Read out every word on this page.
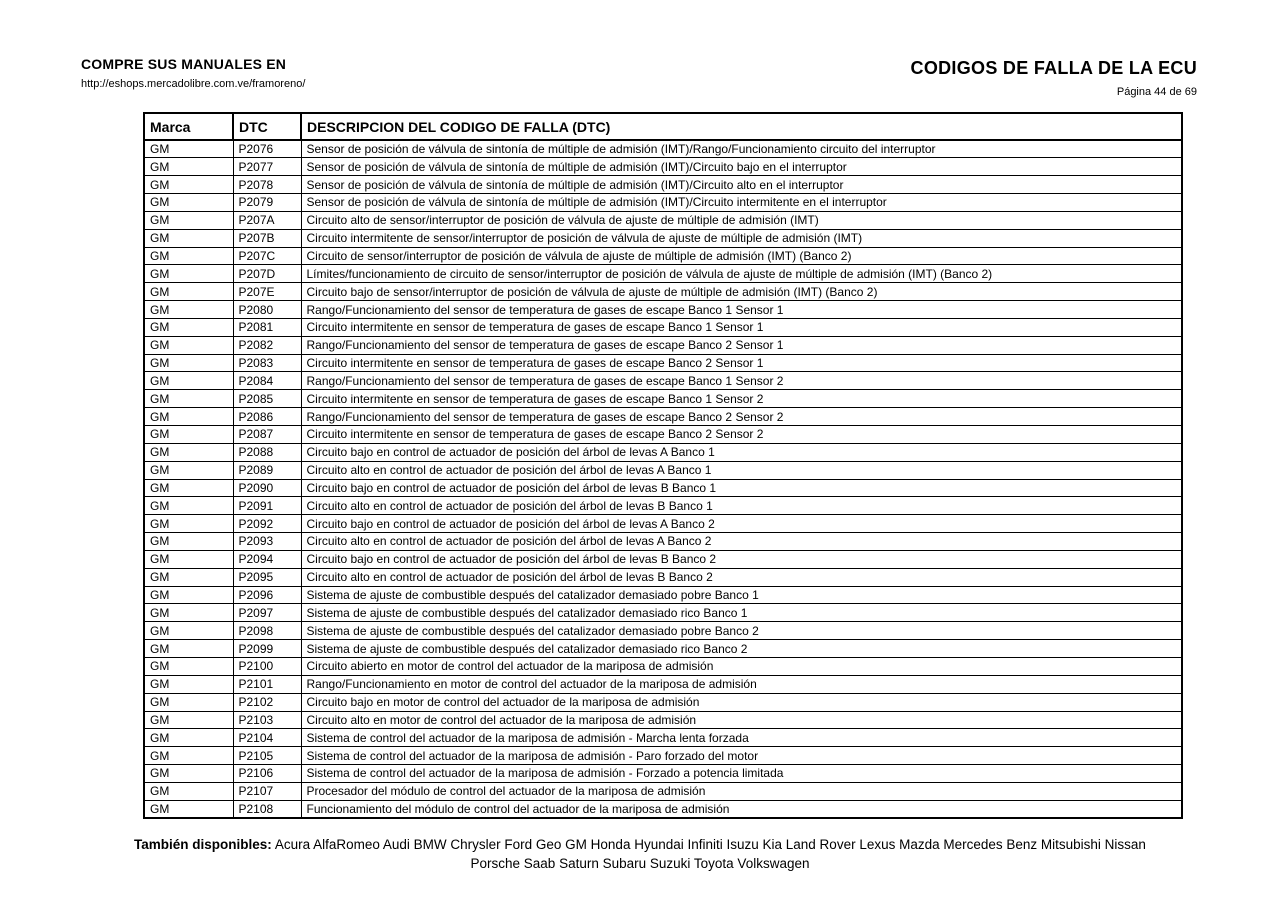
COMPRE SUS MANUALES EN
http://eshops.mercadolibre.com.ve/framoreno/
CODIGOS DE FALLA DE LA ECU
Página 44 de 69
Marca	DTC	DESCRIPCION DEL CODIGO DE FALLA (DTC)
GM	P2076	Sensor de posición de válvula de sintonía de múltiple de admisión (IMT)/Rango/Funcionamiento circuito del interruptor
GM	P2077	Sensor de posición de válvula de sintonía de múltiple de admisión (IMT)/Circuito bajo en el interruptor
GM	P2078	Sensor de posición de válvula de sintonía de múltiple de admisión (IMT)/Circuito alto en el interruptor
GM	P2079	Sensor de posición de válvula de sintonía de múltiple de admisión (IMT)/Circuito intermitente en el interruptor
GM	P207A	Circuito alto de sensor/interruptor de posición de válvula de ajuste de múltiple de admisión (IMT)
GM	P207B	Circuito intermitente de sensor/interruptor de posición de válvula de ajuste de múltiple de admisión (IMT)
GM	P207C	Circuito de sensor/interruptor de posición de válvula de ajuste de múltiple de admisión (IMT) (Banco 2)
GM	P207D	Límites/funcionamiento de circuito de sensor/interruptor de posición de válvula de ajuste de múltiple de admisión (IMT) (Banco 2)
GM	P207E	Circuito bajo de sensor/interruptor de posición de válvula de ajuste de múltiple de admisión (IMT) (Banco 2)
GM	P2080	Rango/Funcionamiento del sensor de temperatura de gases de escape Banco 1 Sensor 1
GM	P2081	Circuito intermitente en sensor de temperatura de gases de escape Banco 1 Sensor 1
GM	P2082	Rango/Funcionamiento del sensor de temperatura de gases de escape Banco 2 Sensor 1
GM	P2083	Circuito intermitente en sensor de temperatura de gases de escape Banco 2 Sensor 1
GM	P2084	Rango/Funcionamiento del sensor de temperatura de gases de escape Banco 1 Sensor 2
GM	P2085	Circuito intermitente en sensor de temperatura de gases de escape Banco 1 Sensor 2
GM	P2086	Rango/Funcionamiento del sensor de temperatura de gases de escape Banco 2 Sensor 2
GM	P2087	Circuito intermitente en sensor de temperatura de gases de escape Banco 2 Sensor 2
GM	P2088	Circuito bajo en control de actuador de posición del árbol de levas A Banco 1
GM	P2089	Circuito alto en control de actuador de posición del árbol de levas A Banco 1
GM	P2090	Circuito bajo en control de actuador de posición del árbol de levas B Banco 1
GM	P2091	Circuito alto en control de actuador de posición del árbol de levas B Banco 1
GM	P2092	Circuito bajo en control de actuador de posición del árbol de levas A Banco 2
GM	P2093	Circuito alto en control de actuador de posición del árbol de levas A Banco 2
GM	P2094	Circuito bajo en control de actuador de posición del árbol de levas B Banco 2
GM	P2095	Circuito alto en control de actuador de posición del árbol de levas B Banco 2
GM	P2096	Sistema de ajuste de combustible después del catalizador demasiado pobre Banco 1
GM	P2097	Sistema de ajuste de combustible después del catalizador demasiado rico Banco 1
GM	P2098	Sistema de ajuste de combustible después del catalizador demasiado pobre Banco 2
GM	P2099	Sistema de ajuste de combustible después del catalizador demasiado rico Banco 2
GM	P2100	Circuito abierto en motor de control del actuador de la mariposa de admisión
GM	P2101	Rango/Funcionamiento en motor de control del actuador de la mariposa de admisión
GM	P2102	Circuito bajo en motor de control del actuador de la mariposa de admisión
GM	P2103	Circuito alto en motor de control del actuador de la mariposa de admisión
GM	P2104	Sistema de control del actuador de la mariposa de admisión - Marcha lenta forzada
GM	P2105	Sistema de control del actuador de la mariposa de admisión - Paro forzado del motor
GM	P2106	Sistema de control del actuador de la mariposa de admisión - Forzado a potencia limitada
GM	P2107	Procesador del módulo de control del actuador de la mariposa de admisión
GM	P2108	Funcionamiento del módulo de control del actuador de la mariposa de admisión
También disponibles: Acura AlfaRomeo Audi BMW Chrysler Ford Geo GM Honda Hyundai Infiniti Isuzu Kia Land Rover Lexus Mazda Mercedes Benz Mitsubishi Nissan
Porsche Saab Saturn Subaru Suzuki Toyota Volkswagen
